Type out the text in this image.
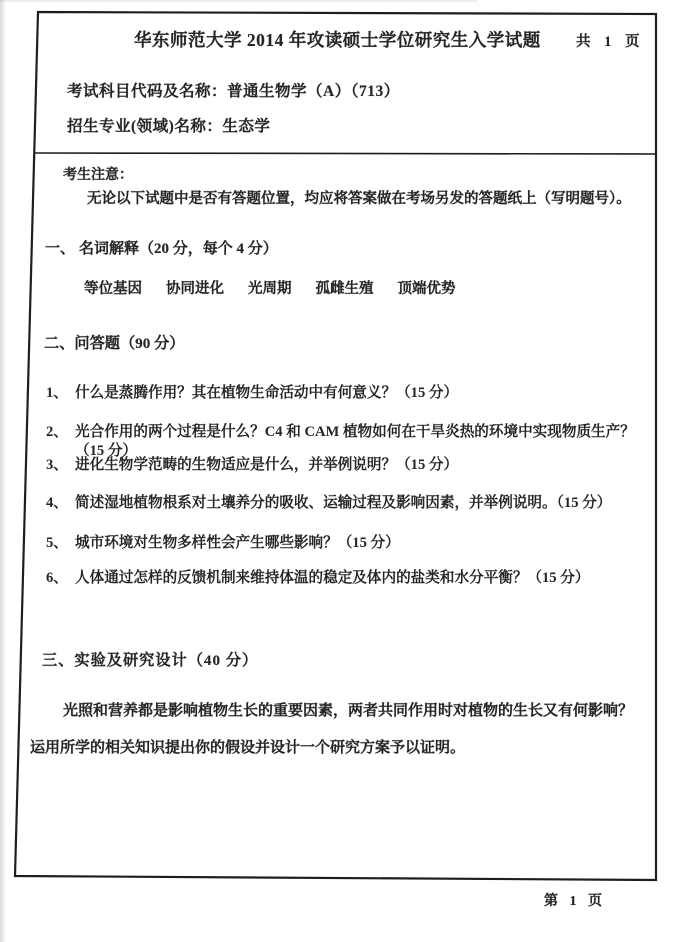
华东师范大学 2014 年攻读硕士学位研究生入学试题 共 1 页
考试科目代码及名称：普通生物学（A）（713）
招生专业(领域)名称：生态学
考生注意：
无论以下试题中是否有答题位置，均应将答案做在考场另发的答题纸上（写明题号）。
一、 名词解释（20 分，每个 4 分）
等位基因 协同进化 光周期 孤雌生殖 顶端优势
二、问答题（90 分）
1、 什么是蒸腾作用？其在植物生命活动中有何意义？（15 分）
2、 光合作用的两个过程是什么？C4 和 CAM 植物如何在干旱炎热的环境中实现物质生产？（15 分）
3、 进化生物学范畴的生物适应是什么，并举例说明？（15 分）
4、 简述湿地植物根系对土壤养分的吸收、运输过程及影响因素，并举例说明。（15 分）
5、 城市环境对生物多样性会产生哪些影响？（15 分）
6、 人体通过怎样的反馈机制来维持体温的稳定及体内的盐类和水分平衡？（15 分）
三、实验及研究设计（40 分）
光照和营养都是影响植物生长的重要因素，两者共同作用时对植物的生长又有何影响？运用所学的相关知识提出你的假设并设计一个研究方案予以证明。
第 1 页
